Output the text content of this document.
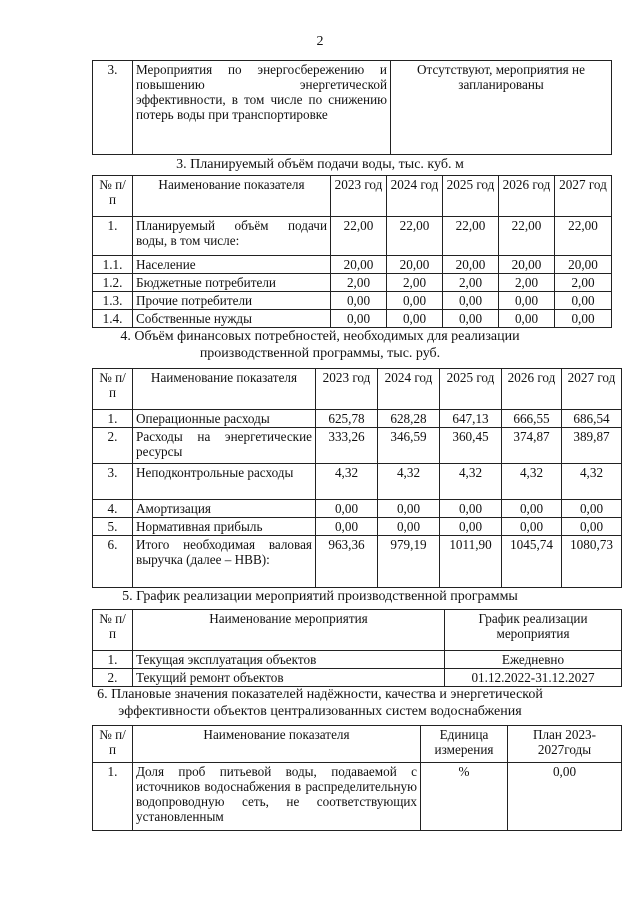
2
3.	Мероприятия по энергосбережению и повышению энергетической эффективности, в том числе по снижению потерь воды при транспортировке	Отсутствуют, мероприятия не запланированы
3. Планируемый объём подачи воды, тыс. куб. м
№ п/п	Наименование показателя	2023 год	2024 год	2025 год	2026 год	2027 год
1.	Планируемый объём подачи воды, в том числе:	22,00	22,00	22,00	22,00	22,00
1.1.	Население	20,00	20,00	20,00	20,00	20,00
1.2.	Бюджетные потребители	2,00	2,00	2,00	2,00	2,00
1.3.	Прочие потребители	0,00	0,00	0,00	0,00	0,00
1.4.	Собственные нужды	0,00	0,00	0,00	0,00	0,00
4. Объём финансовых потребностей, необходимых для реализации
производственной программы, тыс. руб.
№ п/п	Наименование показателя	2023 год	2024 год	2025 год	2026 год	2027 год
1.	Операционные расходы	625,78	628,28	647,13	666,55	686,54
2.	Расходы на энергетические ресурсы	333,26	346,59	360,45	374,87	389,87
3.	Неподконтрольные расходы	4,32	4,32	4,32	4,32	4,32
4.	Амортизация	0,00	0,00	0,00	0,00	0,00
5.	Нормативная прибыль	0,00	0,00	0,00	0,00	0,00
6.	Итого необходимая валовая выручка (далее – НВВ):	963,36	979,19	1011,90	1045,74	1080,73
5. График реализации мероприятий производственной программы
№ п/п	Наименование мероприятия	График реализации мероприятия
1.	Текущая эксплуатация объектов	Ежедневно
2.	Текущий ремонт объектов	01.12.2022-31.12.2027
6. Плановые значения показателей надёжности, качества и энергетической
эффективности объектов централизованных систем водоснабжения
№ п/п	Наименование показателя	Единица измерения	План 2023-2027годы
1.	Доля проб питьевой воды, подаваемой с источников водоснабжения в распределительную водопроводную сеть, не соответствующих установленным	%	0,00
